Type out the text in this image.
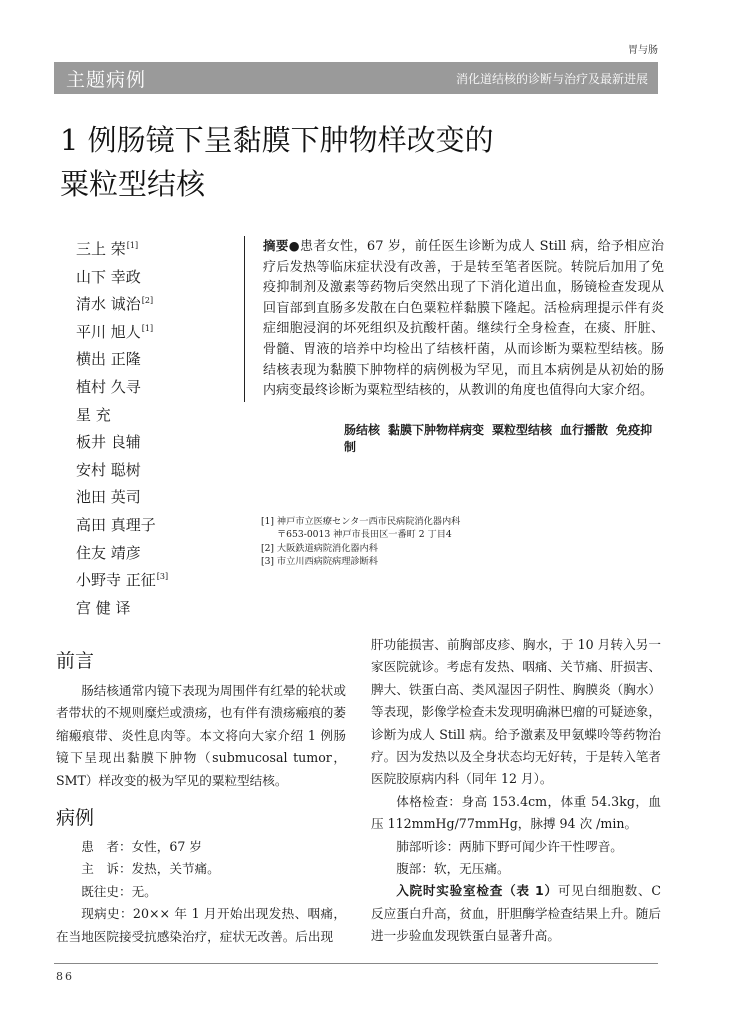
胃与肠
主题病例	消化道结核的诊断与治疗及最新进展
1 例肠镜下呈黏膜下肿物样改变的
粟粒型结核
三上 荣[1]
山下 幸政
清水 诚治[2]
平川 旭人[1]
横出 正隆
植村 久寻
星 充
板井 良辅
安村 聪树
池田 英司
高田 真理子
住友 靖彦
小野寺 正征[3]
宫 健 译
摘要●患者女性，67 岁，前任医生诊断为成人 Still 病，给予相应治疗后发热等临床症状没有改善，于是转至笔者医院。转院后加用了免疫抑制剂及激素等药物后突然出现了下消化道出血，肠镜检查发现从回盲部到直肠多发散在白色粟粒样黏膜下隆起。活检病理提示伴有炎症细胞浸润的坏死组织及抗酸杆菌。继续行全身检查，在痰、肝脏、骨髓、胃液的培养中均检出了结核杆菌，从而诊断为粟粒型结核。肠结核表现为黏膜下肿物样的病例极为罕见，而且本病例是从初始的肠内病变最终诊断为粟粒型结核的，从教训的角度也值得向大家介绍。
肠结核 黏膜下肿物样病变 粟粒型结核 血行播散 免疫抑制
[1] 神戸市立医療センタ一西市民病院消化器内科
〒653-0013 神戸市長田区一番町 2 丁目4
[2] 大阪鉄道病院消化器内科
[3] 市立川西病院病理診断科
前言

肠结核通常内镜下表现为周围伴有红晕的轮状或者带状的不规则糜烂或溃疡，也有伴有溃疡瘢痕的萎缩瘢痕带、炎性息肉等。本文将向大家介绍 1 例肠镜下呈现出黏膜下肿物（submucosal tumor，SMT）样改变的极为罕见的粟粒型结核。

病例

患　者：女性，67 岁

主　诉：发热，关节痛。

既往史：无。

现病史：20×× 年 1 月开始出现发热、咽痛，在当地医院接受抗感染治疗，症状无改善。后出现

肝功能损害、前胸部皮疹、胸水，于 10 月转入另一家医院就诊。考虑有发热、咽痛、关节痛、肝损害、脾大、铁蛋白高、类风湿因子阴性、胸膜炎（胸水）等表现，影像学检查未发现明确淋巴瘤的可疑迹象，诊断为成人 Still 病。给予激素及甲氨蝶呤等药物治疗。因为发热以及全身状态均无好转，于是转入笔者医院胶原病内科（同年 12 月）。

体格检查：身高 153.4cm，体重 54.3kg，血压 112mmHg/77mmHg，脉搏 94 次 /min。

肺部听诊：两肺下野可闻少许干性啰音。

腹部：软，无压痛。

入院时实验室检查（表 1）可见白细胞数、C 反应蛋白升高，贫血，肝胆酶学检查结果上升。随后进一步验血发现铁蛋白显著升高。

86
